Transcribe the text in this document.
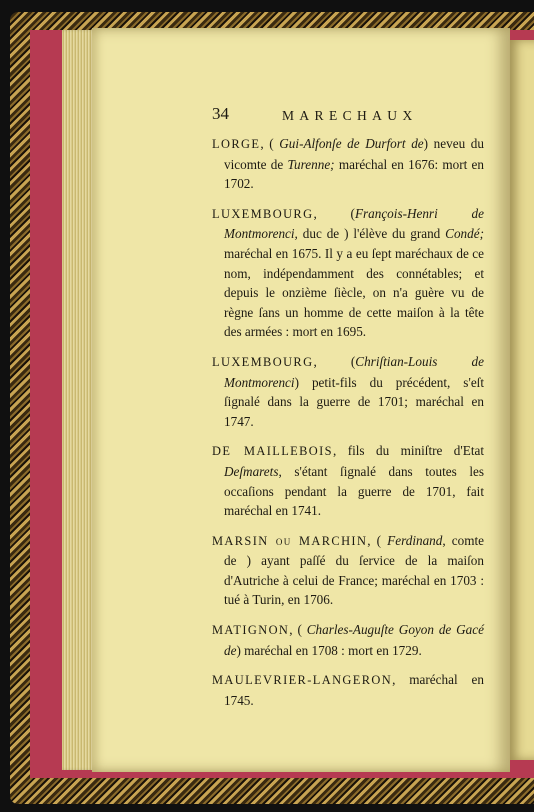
34	MARECHAUX

LORGE, ( Gui-Alfonſe de Durfort de) neveu du vicomte de Turenne; maréchal en 1676: mort en 1702.

LUXEMBOURG, (François-Henri de Montmorenci, duc de ) l'élève du grand Condé; maréchal en 1675. Il y a eu ſept maréchaux de ce nom, indépendamment des connétables; et depuis le onzième ſiècle, on n'a guère vu de règne ſans un homme de cette maiſon à la tête des armées : mort en 1695.

LUXEMBOURG, (Chriſtian-Louis de Montmorenci) petit-fils du précédent, s'eſt ſignalé dans la guerre de 1701; maréchal en 1747.

DE MAILLEBOIS, fils du miniſtre d'Etat Deſmarets, s'étant ſignalé dans toutes les occaſions pendant la guerre de 1701, fait maréchal en 1741.

MARSIN ou MARCHIN, ( Ferdinand, comte de ) ayant paſſé du ſervice de la maiſon d'Autriche à celui de France; maréchal en 1703 : tué à Turin, en 1706.

MATIGNON, ( Charles-Auguſte Goyon de Gacé de) maréchal en 1708 : mort en 1729.

MAULEVRIER-LANGERON, maréchal en 1745.
